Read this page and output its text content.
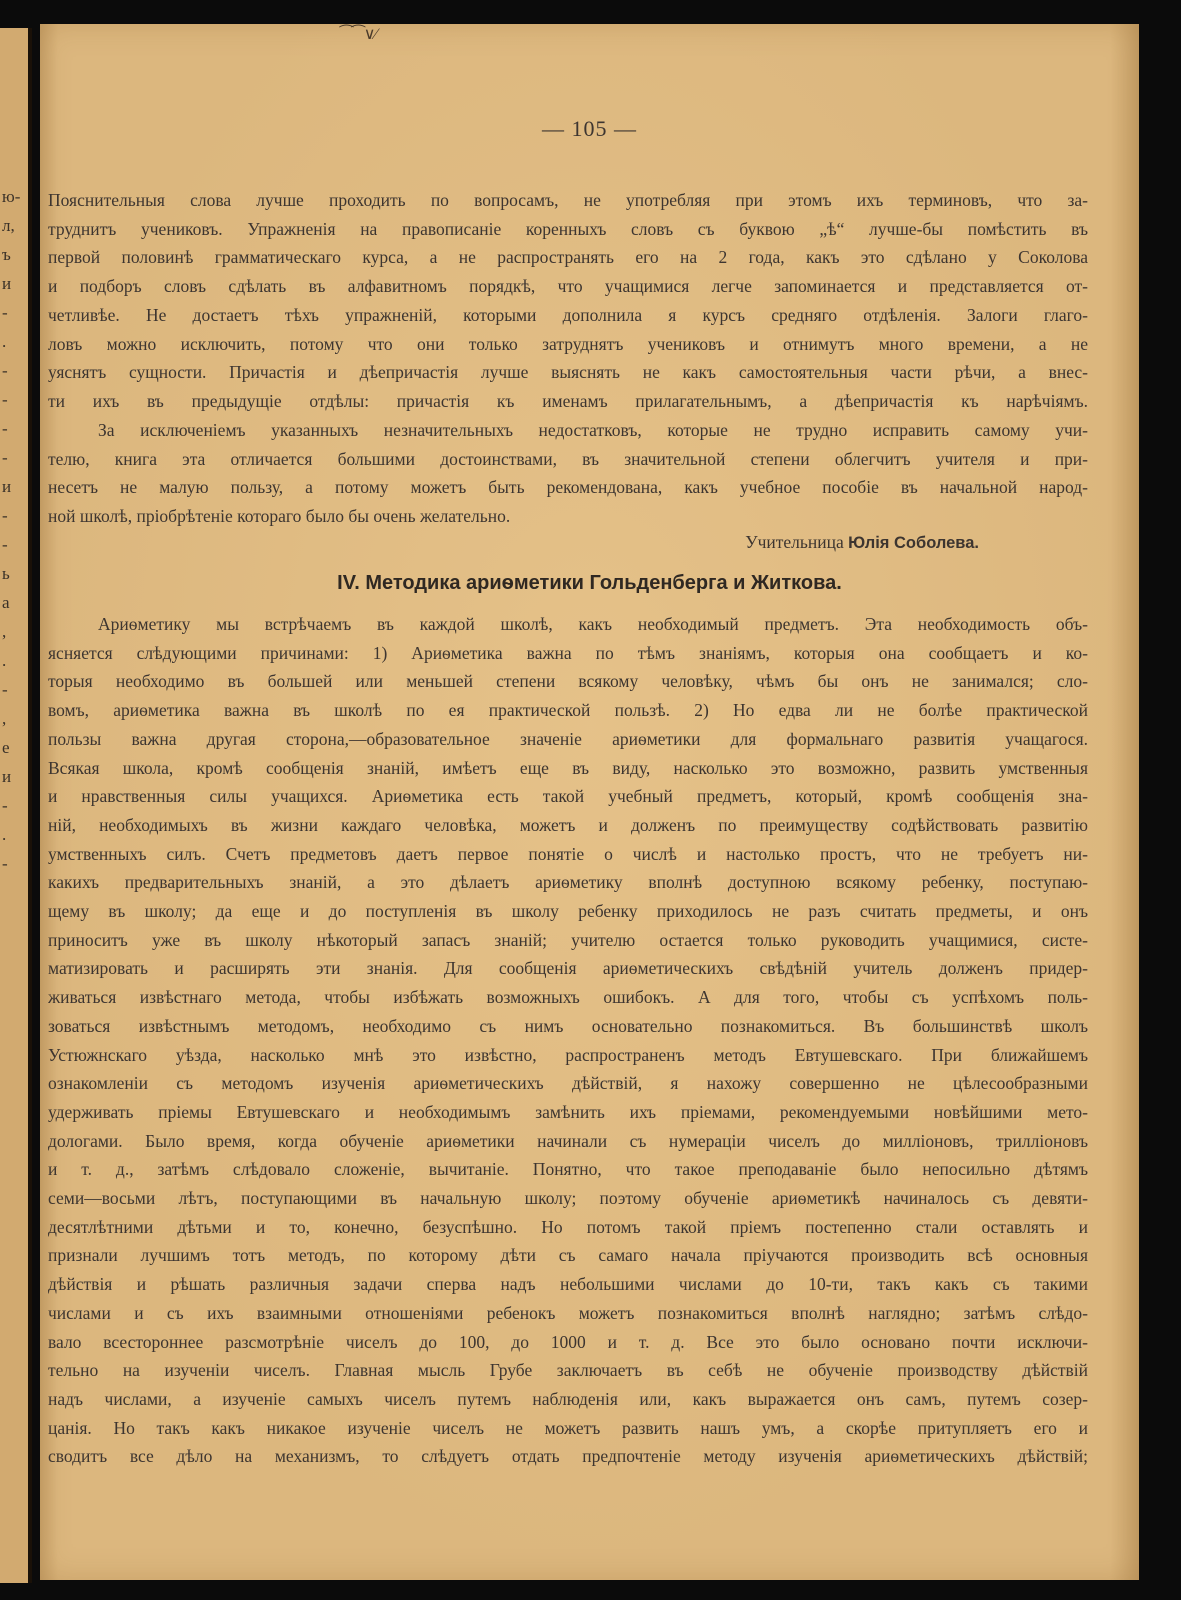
ю-
л,
ъ
и
-
.
-
-
-
-
и
-
-
ь
а
,
.
-
,
е
и
-
.
-
⁀⁀∨∕
— 105 —
Пояснительныя слова лучше проходить по вопросамъ, не употребляя при этомъ ихъ терминовъ, что за-
труднитъ учениковъ. Упражненія на правописаніе коренныхъ словъ съ буквою „ѣ“ лучше-бы помѣстить въ
первой половинѣ грамматическаго курса, а не распространять его на 2 года, какъ это сдѣлано у Соколова
и подборъ словъ сдѣлать въ алфавитномъ порядкѣ, что учащимися легче запоминается и представляется от-
четливѣе. Не достаетъ тѣхъ упражненій, которыми дополнила я курсъ средняго отдѣленія. Залоги глаго-
ловъ можно исключить, потому что они только затруднятъ учениковъ и отнимутъ много времени, а не
уяснятъ сущности. Причастія и дѣепричастія лучше выяснять не какъ самостоятельныя части рѣчи, а внес-
ти ихъ въ предыдущіе отдѣлы: причастія къ именамъ прилагательнымъ, а дѣепричастія къ нарѣчіямъ.
За исключеніемъ указанныхъ незначительныхъ недостатковъ, которые не трудно исправить самому учи-
телю, книга эта отличается большими достоинствами, въ значительной степени облегчитъ учителя и при-
несетъ не малую пользу, а потому можетъ быть рекомендована, какъ учебное пособіе въ начальной народ-
ной школѣ, пріобрѣтеніе котораго было бы очень желательно.
Учительница Юлія Соболева.
IV. Методика ариѳметики Гольденберга и Житкова.
Ариѳметику мы встрѣчаемъ въ каждой школѣ, какъ необходимый предметъ. Эта необходимость объ-
ясняется слѣдующими причинами: 1) Ариѳметика важна по тѣмъ знаніямъ, которыя она сообщаетъ и ко-
торыя необходимо въ большей или меньшей степени всякому человѣку, чѣмъ бы онъ не занимался; сло-
вомъ, ариѳметика важна въ школѣ по ея практической пользѣ. 2) Но едва ли не болѣе практической
пользы важна другая сторона,—образовательное значеніе ариѳметики для формальнаго развитія учащагося.
Всякая школа, кромѣ сообщенія знаній, имѣетъ еще въ виду, насколько это возможно, развить умственныя
и нравственныя силы учащихся. Ариѳметика есть такой учебный предметъ, который, кромѣ сообщенія зна-
ній, необходимыхъ въ жизни каждаго человѣка, можетъ и долженъ по преимуществу содѣйствовать развитію
умственныхъ силъ. Счетъ предметовъ даетъ первое понятіе о числѣ и настолько простъ, что не требуетъ ни-
какихъ предварительныхъ знаній, а это дѣлаетъ ариѳметику вполнѣ доступною всякому ребенку, поступаю-
щему въ школу; да еще и до поступленія въ школу ребенку приходилось не разъ считать предметы, и онъ
приноситъ уже въ школу нѣкоторый запасъ знаній; учителю остается только руководить учащимися, систе-
матизировать и расширять эти знанія. Для сообщенія ариѳметическихъ свѣдѣній учитель долженъ придер-
живаться извѣстнаго метода, чтобы избѣжать возможныхъ ошибокъ. А для того, чтобы съ успѣхомъ поль-
зоваться извѣстнымъ методомъ, необходимо съ нимъ основательно познакомиться. Въ большинствѣ школъ
Устюжнскаго уѣзда, насколько мнѣ это извѣстно, распространенъ методъ Евтушевскаго. При ближайшемъ
ознакомленіи съ методомъ изученія ариѳметическихъ дѣйствій, я нахожу совершенно не цѣлесообразными
удерживать пріемы Евтушевскаго и необходимымъ замѣнить ихъ пріемами, рекомендуемыми новѣйшими мето-
дологами. Было время, когда обученіе ариѳметики начинали съ нумераціи чиселъ до милліоновъ, трилліоновъ
и т. д., затѣмъ слѣдовало сложеніе, вычитаніе. Понятно, что такое преподаваніе было непосильно дѣтямъ
семи—восьми лѣтъ, поступающими въ начальную школу; поэтому обученіе ариѳметикѣ начиналось съ девяти-
десятлѣтними дѣтьми и то, конечно, безуспѣшно. Но потомъ такой пріемъ постепенно стали оставлять и
признали лучшимъ тотъ методъ, по которому дѣти съ самаго начала пріучаются производить всѣ основныя
дѣйствія и рѣшать различныя задачи сперва надъ небольшими числами до 10-ти, такъ какъ съ такими
числами и съ ихъ взаимными отношеніями ребенокъ можетъ познакомиться вполнѣ наглядно; затѣмъ слѣдо-
вало всестороннее разсмотрѣніе чиселъ до 100, до 1000 и т. д. Все это было основано почти исключи-
тельно на изученіи чиселъ. Главная мысль Грубе заключаетъ въ себѣ не обученіе производству дѣйствій
надъ числами, а изученіе самыхъ чиселъ путемъ наблюденія или, какъ выражается онъ самъ, путемъ созер-
цанія. Но такъ какъ никакое изученіе чиселъ не можетъ развить нашъ умъ, а скорѣе притупляетъ его и
сводитъ все дѣло на механизмъ, то слѣдуетъ отдать предпочтеніе методу изученія ариѳметическихъ дѣйствій;
